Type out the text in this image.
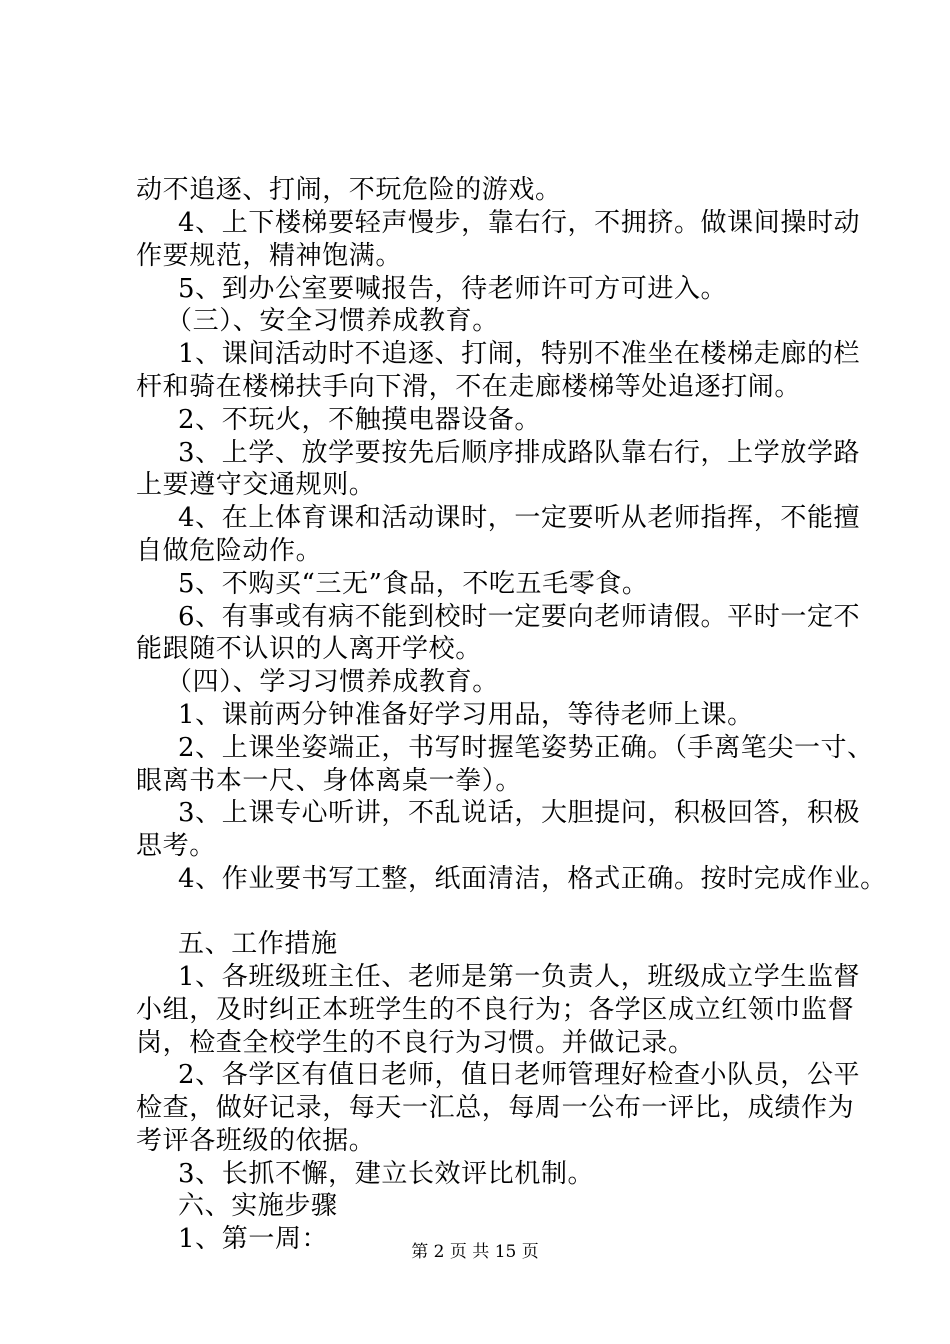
动不追逐、打闹，不玩危险的游戏。
4、上下楼梯要轻声慢步，靠右行，不拥挤。做课间操时动
作要规范，精神饱满。
5、到办公室要喊报告，待老师许可方可进入。
（三）、安全习惯养成教育。
1、课间活动时不追逐、打闹，特别不准坐在楼梯走廊的栏
杆和骑在楼梯扶手向下滑，不在走廊楼梯等处追逐打闹。
2、不玩火，不触摸电器设备。
3、上学、放学要按先后顺序排成路队靠右行，上学放学路
上要遵守交通规则。
4、在上体育课和活动课时，一定要听从老师指挥，不能擅
自做危险动作。
5、不购买“三无”食品，不吃五毛零食。
6、有事或有病不能到校时一定要向老师请假。平时一定不
能跟随不认识的人离开学校。
（四）、学习习惯养成教育。
1、课前两分钟准备好学习用品，等待老师上课。
2、上课坐姿端正，书写时握笔姿势正确。（手离笔尖一寸、
眼离书本一尺、身体离桌一拳）。
3、上课专心听讲，不乱说话，大胆提问，积极回答，积极
思考。
4、作业要书写工整，纸面清洁，格式正确。按时完成作业。
五、工作措施
1、各班级班主任、老师是第一负责人，班级成立学生监督
小组，及时纠正本班学生的不良行为；各学区成立红领巾监督
岗，检查全校学生的不良行为习惯。并做记录。
2、各学区有值日老师，值日老师管理好检查小队员，公平
检查，做好记录，每天一汇总，每周一公布一评比，成绩作为
考评各班级的依据。
3、长抓不懈，建立长效评比机制。
六、实施步骤
1、第一周：	第 2 页 共 15 页
